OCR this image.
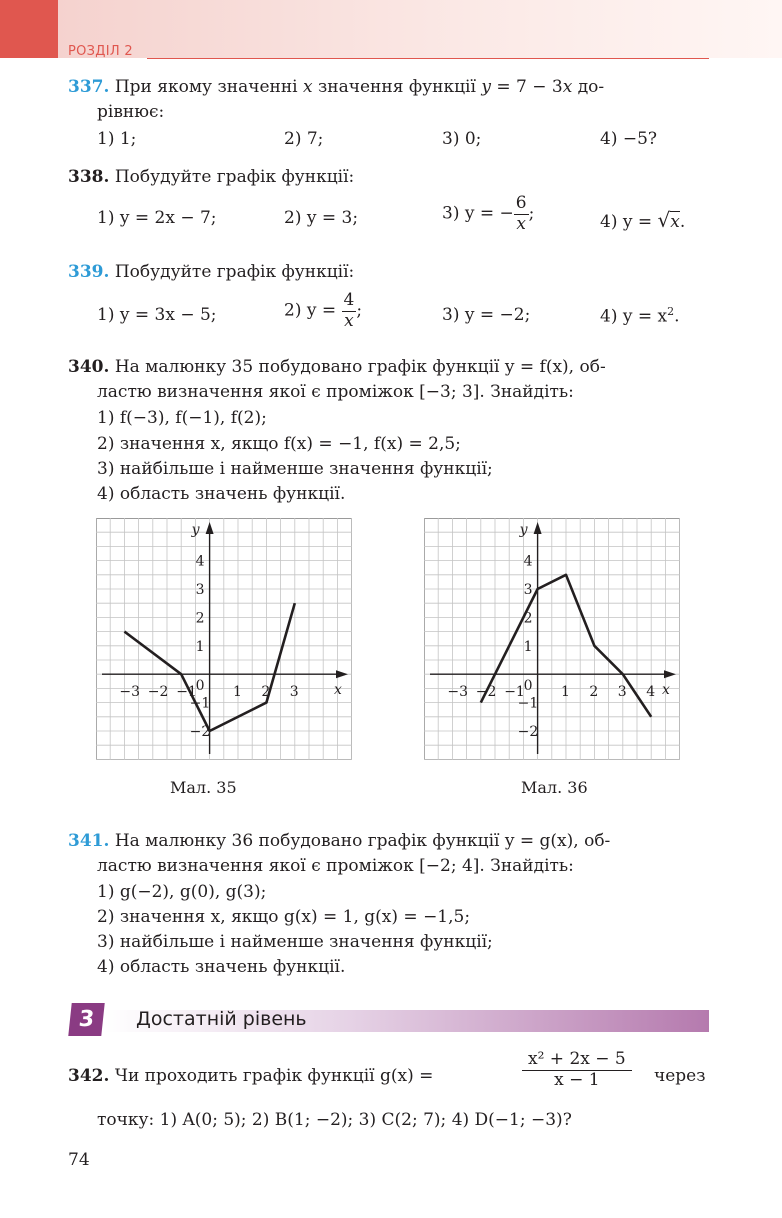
РОЗДІЛ 2
337. При якому значенні x значення функції y = 7 − 3x до-
рівнює:
1) 1;	2) 7;	3) 0;	4) −5?
338. Побудуйте графік функції:
1) y = 2x − 7;	2) y = 3;	3) y = − $\frac{6}{x}$ ;	4) y = √x.
339. Побудуйте графік функції:
1) y = 3x − 5;	2) $y = \frac{4}{x}$ ;	3) y = −2;	4) $y = x^2$.
340. На малюнку 35 побудовано графік функції y = f(x), об-
ластю визначення якої є проміжок [−3; 3]. Знайдіть:
1) f(−3), f(−1), f(2);
2) значення x, якщо f(x) = −1, f(x) = 2,5;
3) найбільше і найменше значення функції;
4) область значень функції.
y
x
−3 −2 −1
0 1 2 3
4
3
2
1
−1
−2
Мал. 35
y
x
−3 −2 −1
0 1 2 3 4
4
3
2
1
−1
−2
Мал. 36
341. На малюнку 36 побудовано графік функції y = g(x), об-
ластю визначення якої є проміжок [−2; 4]. Знайдіть:
1) g(−2), g(0), g(3);
2) значення x, якщо g(x) = 1, g(x) = −1,5;
3) найбільше і найменше значення функції;
4) область значень функції.
3	Достатній рівень
342. Чи проходить графік функції g(x) =	$\frac{\text{x² + 2x − 5}}{x - 1}$ через
точку: 1) A(0; 5); 2) B(1; −2); 3) C(2; 7); 4) D(−1; −3)?
74
